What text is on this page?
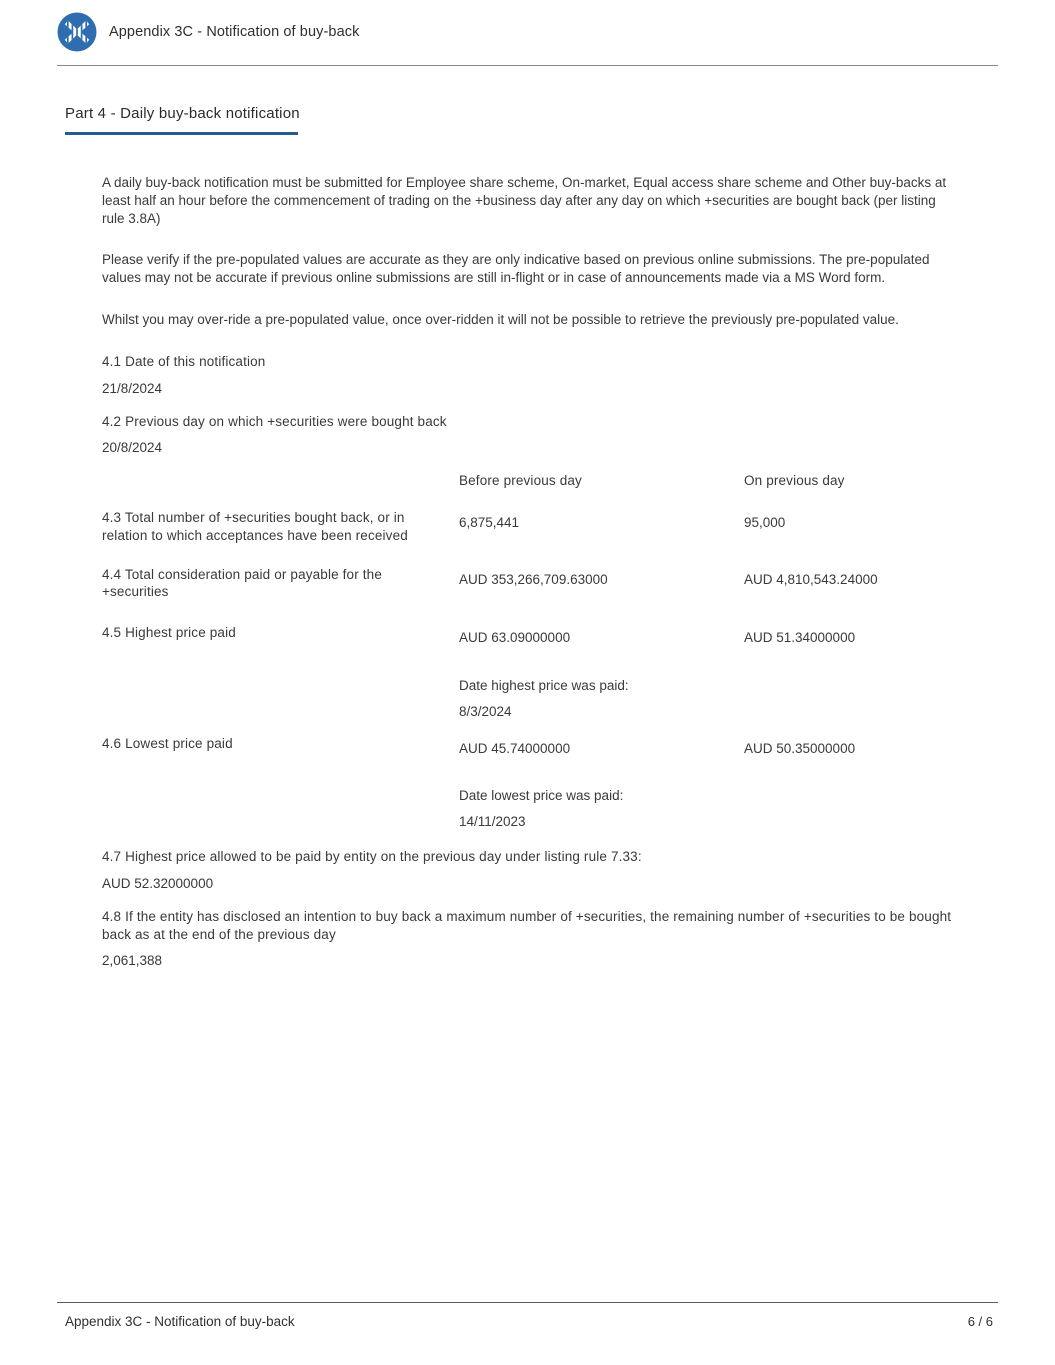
Appendix 3C - Notification of buy-back
Part 4 - Daily buy-back notification

A daily buy-back notification must be submitted for Employee share scheme, On-market, Equal access share scheme and Other buy-backs at least half an hour before the commencement of trading on the +business day after any day on which +securities are bought back (per listing rule 3.8A)

Please verify if the pre-populated values are accurate as they are only indicative based on previous online submissions. The pre-populated values may not be accurate if previous online submissions are still in-flight or in case of announcements made via a MS Word form.

Whilst you may over-ride a pre-populated value, once over-ridden it will not be possible to retrieve the previously pre-populated value.

4.1 Date of this notification
21/8/2024
4.2 Previous day on which +securities were bought back
20/8/2024
Before previous day	On previous day
4.3 Total number of +securities bought back, or in relation to which acceptances have been received
6,875,441	95,000
4.4 Total consideration paid or payable for the +securities
AUD 353,266,709.63000	AUD 4,810,543.24000
4.5 Highest price paid	AUD 63.09000000	AUD 51.34000000
Date highest price was paid:
8/3/2024
4.6 Lowest price paid	AUD 45.74000000	AUD 50.35000000
Date lowest price was paid:
14/11/2023
4.7 Highest price allowed to be paid by entity on the previous day under listing rule 7.33:
AUD 52.32000000
4.8 If the entity has disclosed an intention to buy back a maximum number of +securities, the remaining number of +securities to be bought back as at the end of the previous day
2,061,388
Appendix 3C - Notification of buy-back	6 / 6
